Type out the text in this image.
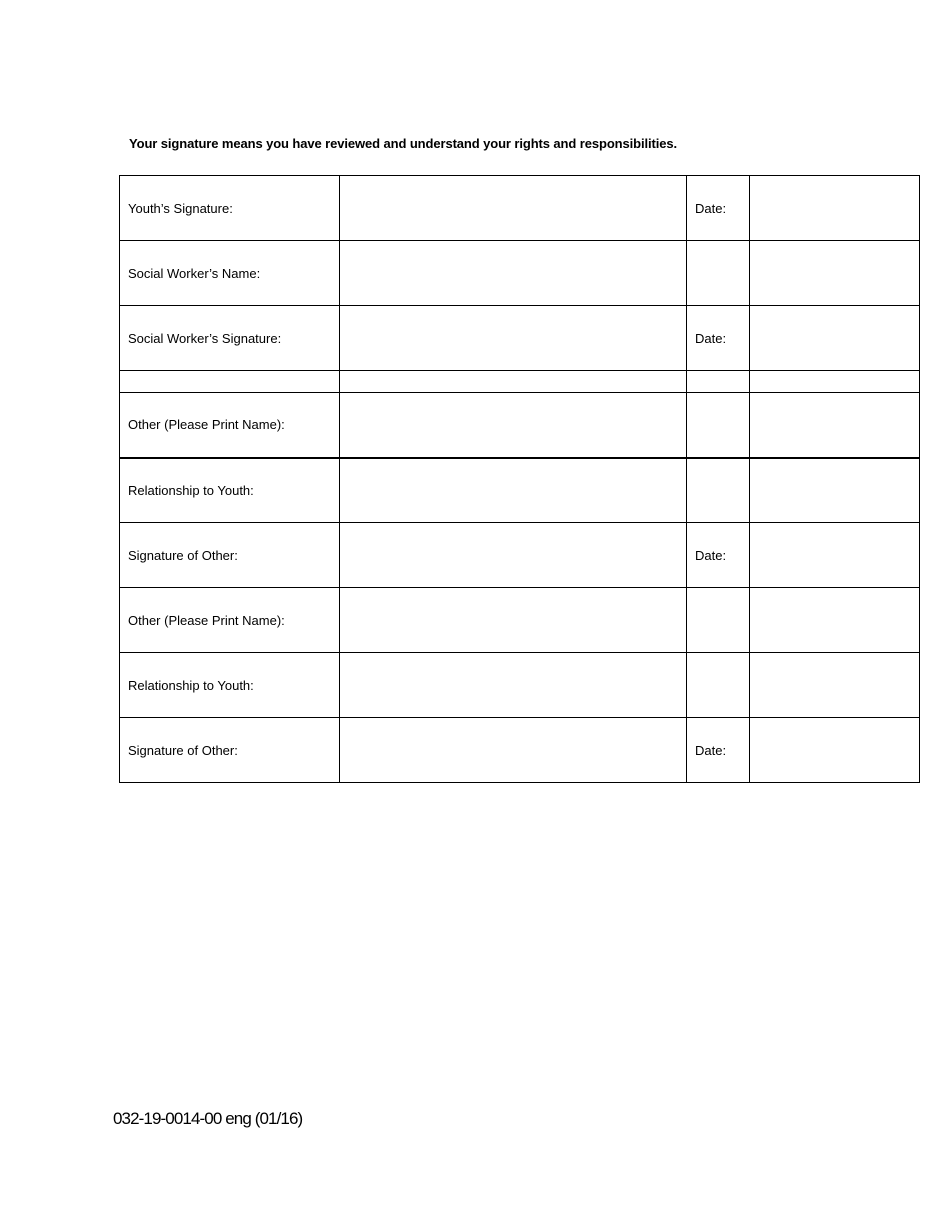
Your signature means you have reviewed and understand your rights and responsibilities.
Youth’s Signature:		Date:	
Social Worker’s Name:			
Social Worker’s Signature:		Date:	

Other (Please Print Name):			
Relationship to Youth:			
Signature of Other:		Date:	
Other (Please Print Name):			
Relationship to Youth:			
Signature of Other:		Date:	
032-19-0014-00 eng (01/16)
